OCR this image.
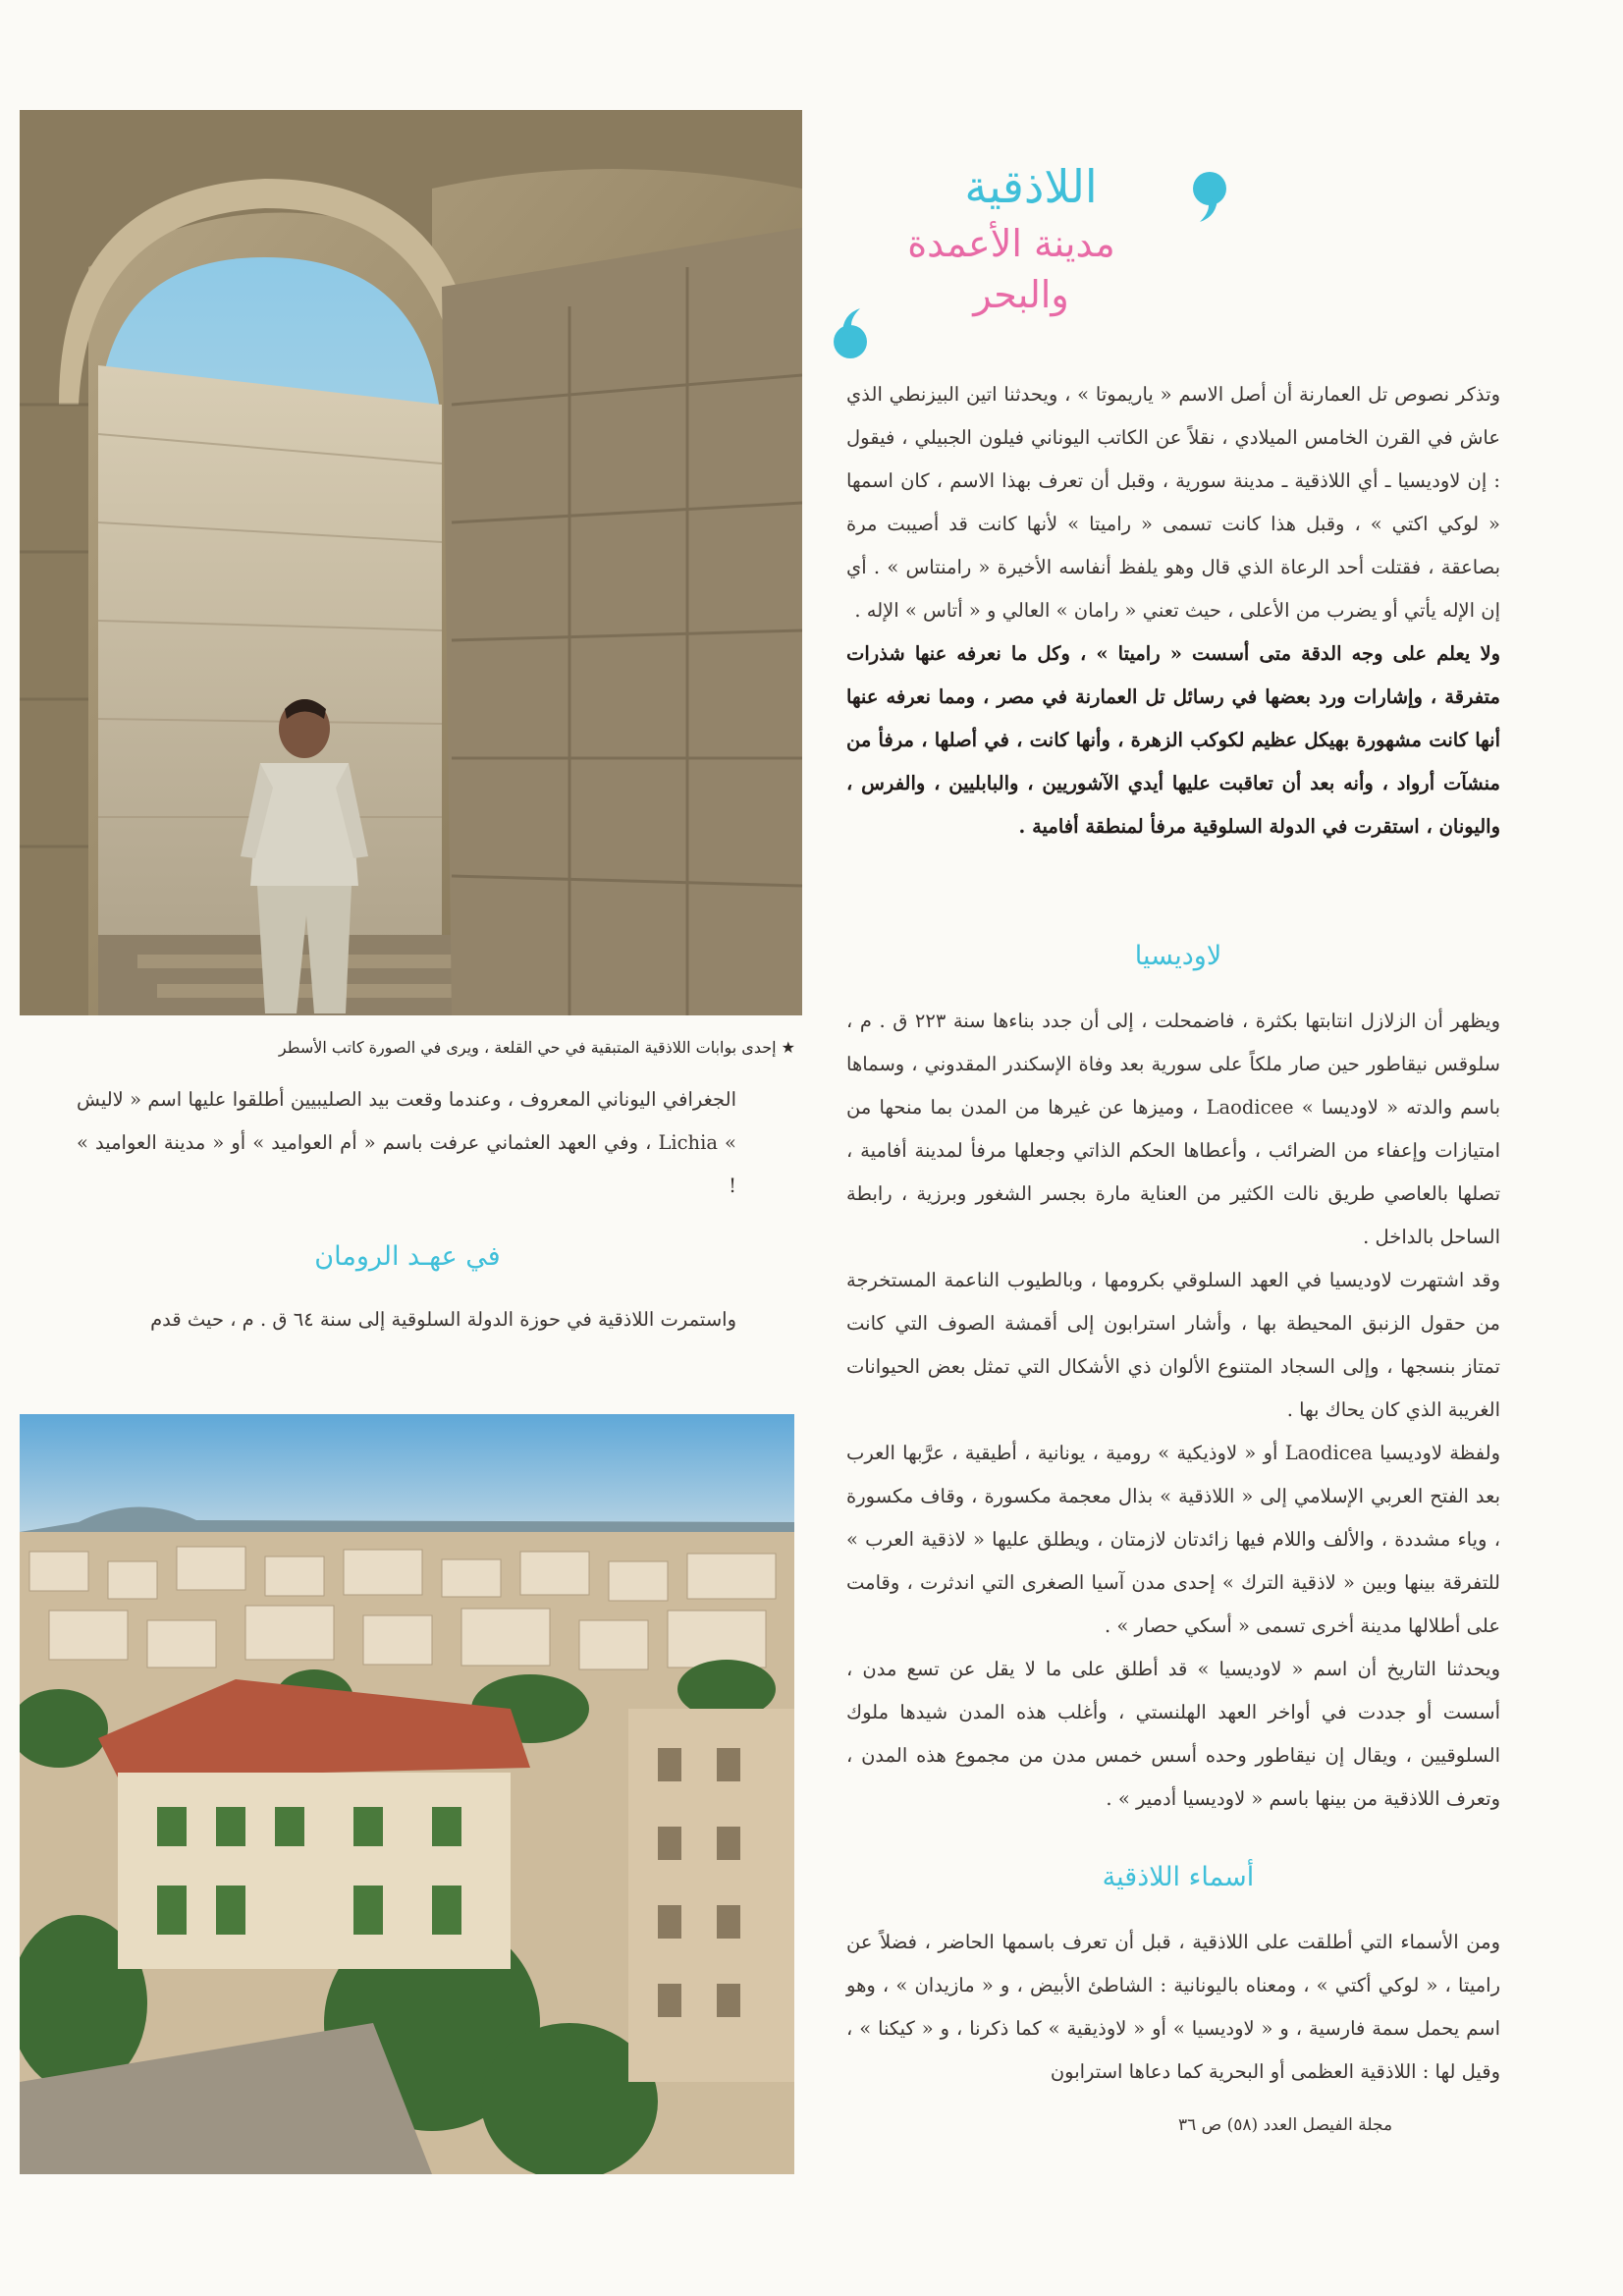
اللاذقية
مدينة الأعمدة
والبحر

وتذكر نصوص تل العمارنة أن أصل الاسم « ياريموتا » ، ويحدثنا اتين البيزنطي الذي عاش في القرن الخامس الميلادي ، نقلاً عن الكاتب اليوناني فيلون الجبيلي ، فيقول : إن لاوديسيا ـ أي اللاذقية ـ مدينة سورية ، وقبل أن تعرف بهذا الاسم ، كان اسمها « لوكي اكتي » ، وقبل هذا كانت تسمى « راميتا » لأنها كانت قد أصيبت مرة بصاعقة ، فقتلت أحد الرعاة الذي قال وهو يلفظ أنفاسه الأخيرة « رامنتاس » . أي إن الإله يأتي أو يضرب من الأعلى ، حيث تعني « رامان » العالي و « أتاس » الإله .

ولا يعلم على وجه الدقة متى أسست « راميتا » ، وكل ما نعرفه عنها شذرات متفرقة ، وإشارات ورد بعضها في رسائل تل العمارنة في مصر ، ومما نعرفه عنها أنها كانت مشهورة بهيكل عظيم لكوكب الزهرة ، وأنها كانت ، في أصلها ، مرفأ من منشآت أرواد ، وأنه بعد أن تعاقبت عليها أيدي الآشوريين ، والبابليين ، والفرس ، واليونان ، استقرت في الدولة السلوقية مرفأ لمنطقة أفامية .

لاوديسيا

ويظهر أن الزلازل انتابتها بكثرة ، فاضمحلت ، إلى أن جدد بناءها سنة ٢٢٣ ق . م ، سلوقس نيقاطور حين صار ملكاً على سورية بعد وفاة الإسكندر المقدوني ، وسماها باسم والدته « لاوديسا » Laodicee ، وميزها عن غيرها من المدن بما منحها من امتيازات وإعفاء من الضرائب ، وأعطاها الحكم الذاتي وجعلها مرفأ لمدينة أفامية ، تصلها بالعاصي طريق نالت الكثير من العناية مارة بجسر الشغور وبرزية ، رابطة الساحل بالداخل .

وقد اشتهرت لاوديسيا في العهد السلوقي بكرومها ، وبالطيوب الناعمة المستخرجة من حقول الزنبق المحيطة بها ، وأشار استرابون إلى أقمشة الصوف التي كانت تمتاز بنسجها ، وإلى السجاد المتنوع الألوان ذي الأشكال التي تمثل بعض الحيوانات الغريبة الذي كان يحاك بها .

ولفظة لاوديسيا Laodicea أو « لاوذيكية » رومية ، يونانية ، أطيقية ، عرَّبها العرب بعد الفتح العربي الإسلامي إلى « اللاذقية » بذال معجمة مكسورة ، وقاف مكسورة ، وياء مشددة ، والألف واللام فيها زائدتان لازمتان ، ويطلق عليها « لاذقية العرب » للتفرقة بينها وبين « لاذقية الترك » إحدى مدن آسيا الصغرى التي اندثرت ، وقامت على أطلالها مدينة أخرى تسمى « أسكي حصار » .

ويحدثنا التاريخ أن اسم « لاوديسيا » قد أطلق على ما لا يقل عن تسع مدن ، أسست أو جددت في أواخر العهد الهلنستي ، وأغلب هذه المدن شيدها ملوك السلوقيين ، ويقال إن نيقاطور وحده أسس خمس مدن من مجموع هذه المدن ، وتعرف اللاذقية من بينها باسم « لاوديسيا أدمير » .

أسماء اللاذقية

ومن الأسماء التي أطلقت على اللاذقية ، قبل أن تعرف باسمها الحاضر ، فضلاً عن راميتا ، « لوكي أكتي » ، ومعناه باليونانية : الشاطئ الأبيض ، و « مازيدان » ، وهو اسم يحمل سمة فارسية ، و « لاوديسيا » أو « لاوذيقية » كما ذكرنا ، و « كيكنا » ، وقيل لها : اللاذقية العظمى أو البحرية كما دعاها استرابون

مجلة الفيصل العدد (٥٨) ص ٣٦
★ إحدى بوابات اللاذقية المتبقية في حي القلعة ، ويرى في الصورة كاتب الأسطر
الجغرافي اليوناني المعروف ، وعندما وقعت بيد الصليبيين أطلقوا عليها اسم « لاليش » Lichia ، وفي العهد العثماني عرفت باسم « أم العواميد » أو « مدينة العواميد » !
في عهـد الرومان
واستمرت اللاذقية في حوزة الدولة السلوقية إلى سنة ٦٤ ق . م ، حيث قدم
